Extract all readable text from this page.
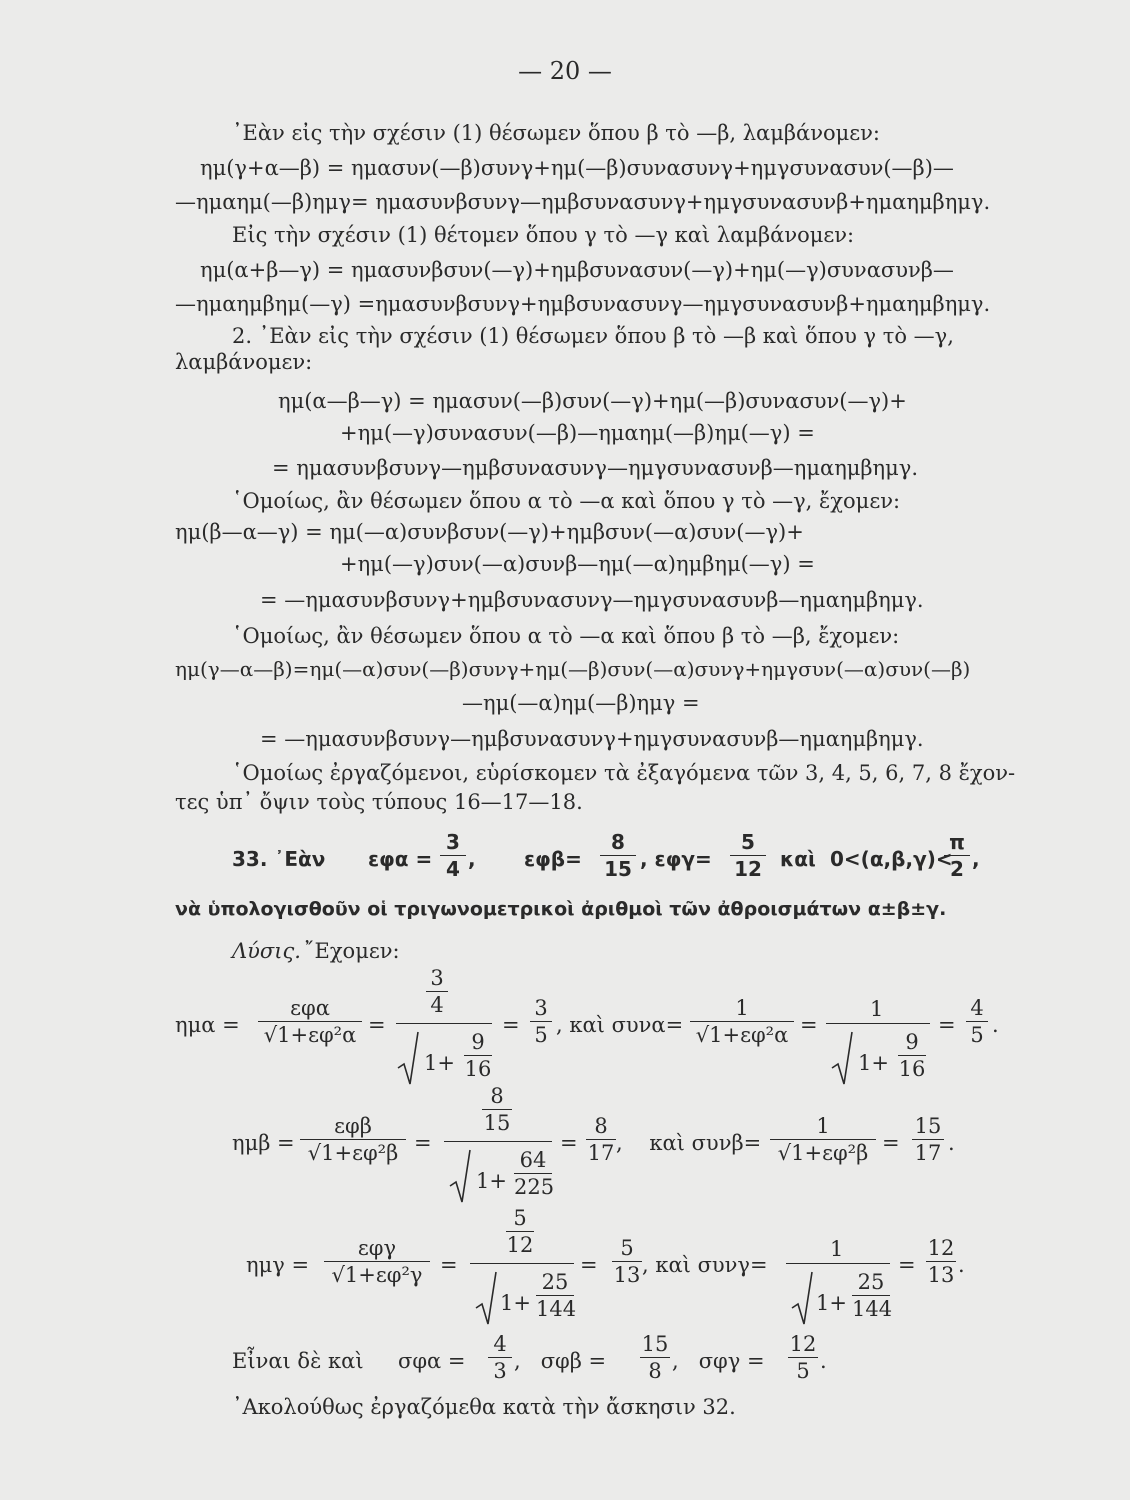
— 20 —
᾿Εὰν εἰς τὴν σχέσιν (1) θέσωμεν ὅπου β τὸ —β, λαμβάνομεν:
ημ(γ+α—β) = ημασυν(—β)συνγ+ημ(—β)συνασυνγ+ημγσυνασυν(—β)—
—ημαημ(—β)ημγ= ημασυνβσυνγ—ημβσυνασυνγ+ημγσυνασυνβ+ημαημβημγ.
Εἰς τὴν σχέσιν (1) θέτομεν ὅπου γ τὸ —γ καὶ λαμβάνομεν:
ημ(α+β—γ) = ημασυνβσυν(—γ)+ημβσυνασυν(—γ)+ημ(—γ)συνασυνβ—
—ημαημβημ(—γ) =ημασυνβσυνγ+ημβσυνασυνγ—ημγσυνασυνβ+ημαημβημγ.
2. ᾿Εὰν εἰς τὴν σχέσιν (1) θέσωμεν ὅπου β τὸ —β καὶ ὅπου γ τὸ —γ,
λαμβάνομεν:
ημ(α—β—γ) = ημασυν(—β)συν(—γ)+ημ(—β)συνασυν(—γ)+
+ημ(—γ)συνασυν(—β)—ημαημ(—β)ημ(—γ) =
= ημασυνβσυνγ—ημβσυνασυνγ—ημγσυνασυνβ—ημαημβημγ.
῾Ομοίως, ἂν θέσωμεν ὅπου α τὸ —α καὶ ὅπου γ τὸ —γ, ἔχομεν:
ημ(β—α—γ) = ημ(—α)συνβσυν(—γ)+ημβσυν(—α)συν(—γ)+
+ημ(—γ)συν(—α)συνβ—ημ(—α)ημβημ(—γ) =
= —ημασυνβσυνγ+ημβσυνασυνγ—ημγσυνασυνβ—ημαημβημγ.
῾Ομοίως, ἂν θέσωμεν ὅπου α τὸ —α καὶ ὅπου β τὸ —β, ἔχομεν:
ημ(γ—α—β)=ημ(—α)συν(—β)συνγ+ημ(—β)συν(—α)συνγ+ημγσυν(—α)συν(—β)
—ημ(—α)ημ(—β)ημγ =
= —ημασυνβσυνγ—ημβσυνασυνγ+ημγσυνασυνβ—ημαημβημγ.
῾Ομοίως ἐργαζόμενοι, εὑρίσκομεν τὰ ἐξαγόμενα τῶν 3, 4, 5, 6, 7, 8 ἔχον-
τες ὑπ᾿ ὄψιν τοὺς τύπους 16—17—18.
33. ᾿Εὰν εφα =
3
4 , εφβ=
8
15 , εφγ=
5
12 καὶ 0<(α,β,γ)<
π
2 ,
νὰ ὑπολογισθοῦν οἱ τριγωνομετρικοὶ ἀριθμοὶ τῶν ἀθροισμάτων α±β±γ.
Λύσις. ῎Εχομεν:
ημα =
εφα
√1+εφ²α =
3
4
1+
9
16
=
3
5 , καὶ συνα=
1
√1+εφ²α =
1
1+
9
16
=
4
5 .
ημβ =
εφβ
√1+εφ²β =
8
15
1+
64
225
=
8
17 ,    καὶ συνβ=
1
√1+εφ²β =
15
17 .
ημγ =
εφγ
√1+εφ²γ =
5
12
1+
25
144
=
5
13 , καὶ συνγ=
1
1+
25
144
=
12
13 .
Εἶναι δὲ καὶ σφα =
4
3 ,   σφβ =
15
8 ,   σφγ =
12
5 .
᾿Ακολούθως ἐργαζόμεθα κατὰ τὴν ἄσκησιν 32.
